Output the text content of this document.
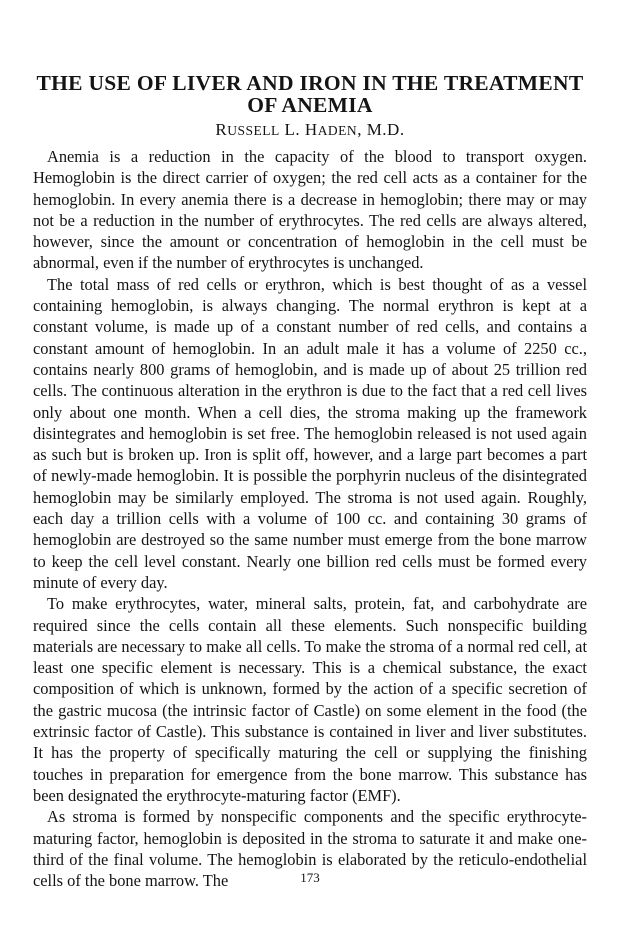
THE USE OF LIVER AND IRON IN THE TREATMENT
OF ANEMIA
RUSSELL L. HADEN, M.D.

Anemia is a reduction in the capacity of the blood to transport oxygen. Hemoglobin is the direct carrier of oxygen; the red cell acts as a container for the hemoglobin. In every anemia there is a decrease in hemoglobin; there may or may not be a reduction in the number of erythrocytes. The red cells are always altered, however, since the amount or concentration of hemoglobin in the cell must be abnormal, even if the number of erythrocytes is unchanged.

The total mass of red cells or erythron, which is best thought of as a vessel containing hemoglobin, is always changing. The normal erythron is kept at a constant volume, is made up of a constant number of red cells, and contains a constant amount of hemoglobin. In an adult male it has a volume of 2250 cc., contains nearly 800 grams of hemoglobin, and is made up of about 25 trillion red cells. The continuous alteration in the erythron is due to the fact that a red cell lives only about one month. When a cell dies, the stroma making up the framework disintegrates and hemoglobin is set free. The hemoglobin released is not used again as such but is broken up. Iron is split off, however, and a large part becomes a part of newly-made hemoglobin. It is possible the porphyrin nucleus of the disintegrated hemoglobin may be similarly employed. The stroma is not used again. Roughly, each day a trillion cells with a volume of 100 cc. and containing 30 grams of hemoglobin are destroyed so the same number must emerge from the bone marrow to keep the cell level constant. Nearly one billion red cells must be formed every minute of every day.

To make erythrocytes, water, mineral salts, protein, fat, and carbohydrate are required since the cells contain all these elements. Such nonspecific building materials are necessary to make all cells. To make the stroma of a normal red cell, at least one specific element is necessary. This is a chemical substance, the exact composition of which is unknown, formed by the action of a specific secretion of the gastric mucosa (the intrinsic factor of Castle) on some element in the food (the extrinsic factor of Castle). This substance is contained in liver and liver substitutes. It has the property of specifically maturing the cell or supplying the finishing touches in preparation for emergence from the bone marrow. This substance has been designated the erythrocyte-maturing factor (EMF).

As stroma is formed by nonspecific components and the specific erythrocyte-maturing factor, hemoglobin is deposited in the stroma to saturate it and make one-third of the final volume. The hemoglobin is elaborated by the reticulo-endothelial cells of the bone marrow. The	173
